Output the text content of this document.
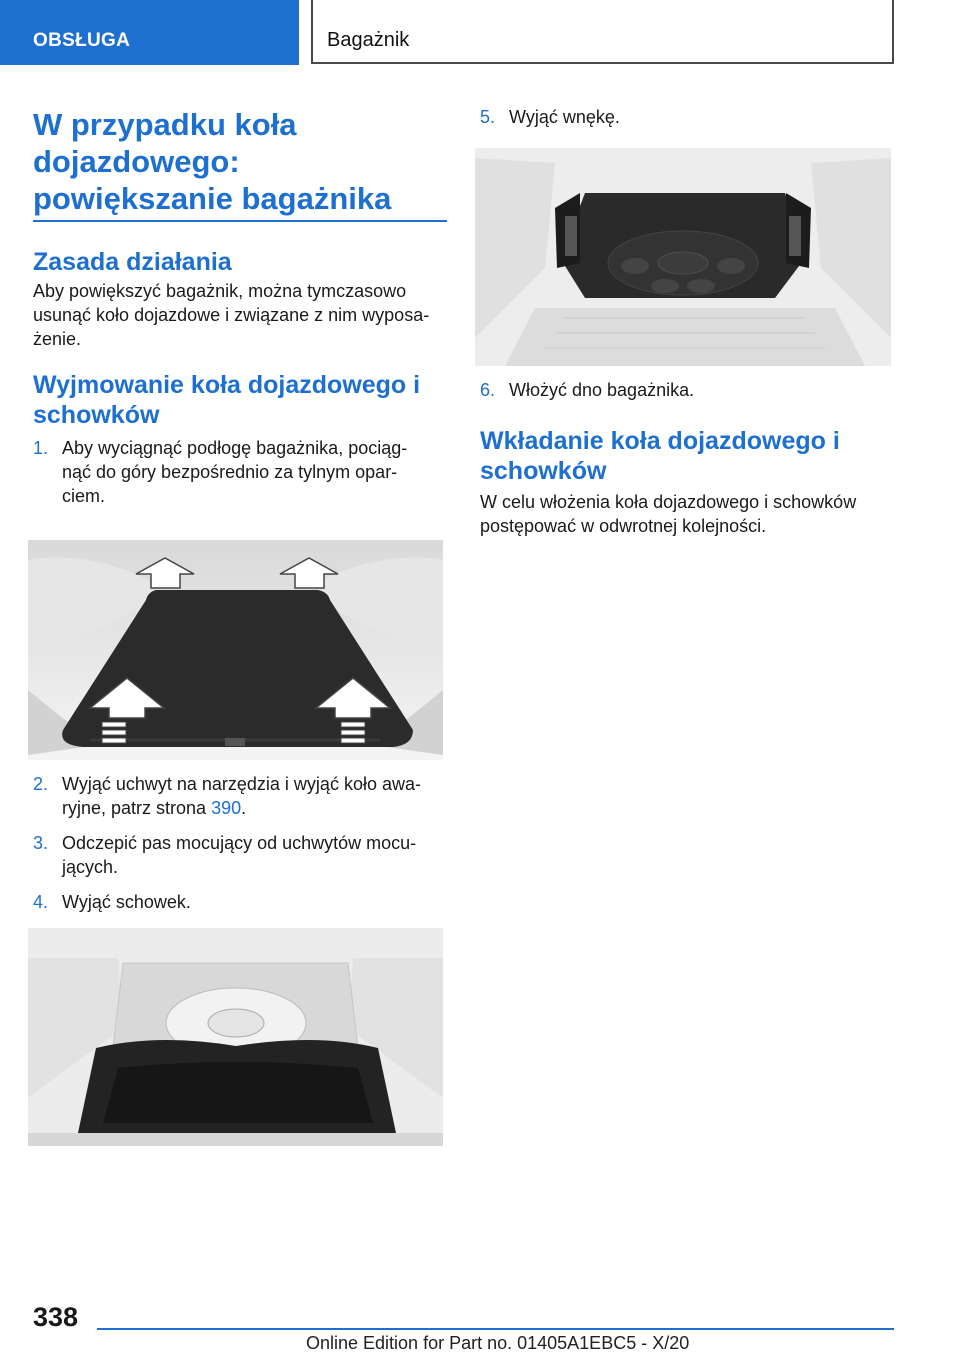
OBSŁUGA	Bagażnik
W przypadku koła
dojazdowego:
powiększanie bagażnika
Zasada działania
Aby powiększyć bagażnik, można tymczasowo
usunąć koło dojazdowe i związane z nim wyposa-
żenie.
Wyjmowanie koła dojazdowego i
schowków
1. Aby wyciągnąć podłogę bagażnika, pociąg-
nąć do góry bezpośrednio za tylnym opar-
ciem.
2. Wyjąć uchwyt na narzędzia i wyjąć koło awa-
ryjne, patrz strona 390.
3. Odczepić pas mocujący od uchwytów mocu-
jących.
4. Wyjąć schowek.
5. Wyjąć wnękę.
6. Włożyć dno bagażnika.
Wkładanie koła dojazdowego i
schowków
W celu włożenia koła dojazdowego i schowków
postępować w odwrotnej kolejności.
338
Online Edition for Part no. 01405A1EBC5 - X/20
